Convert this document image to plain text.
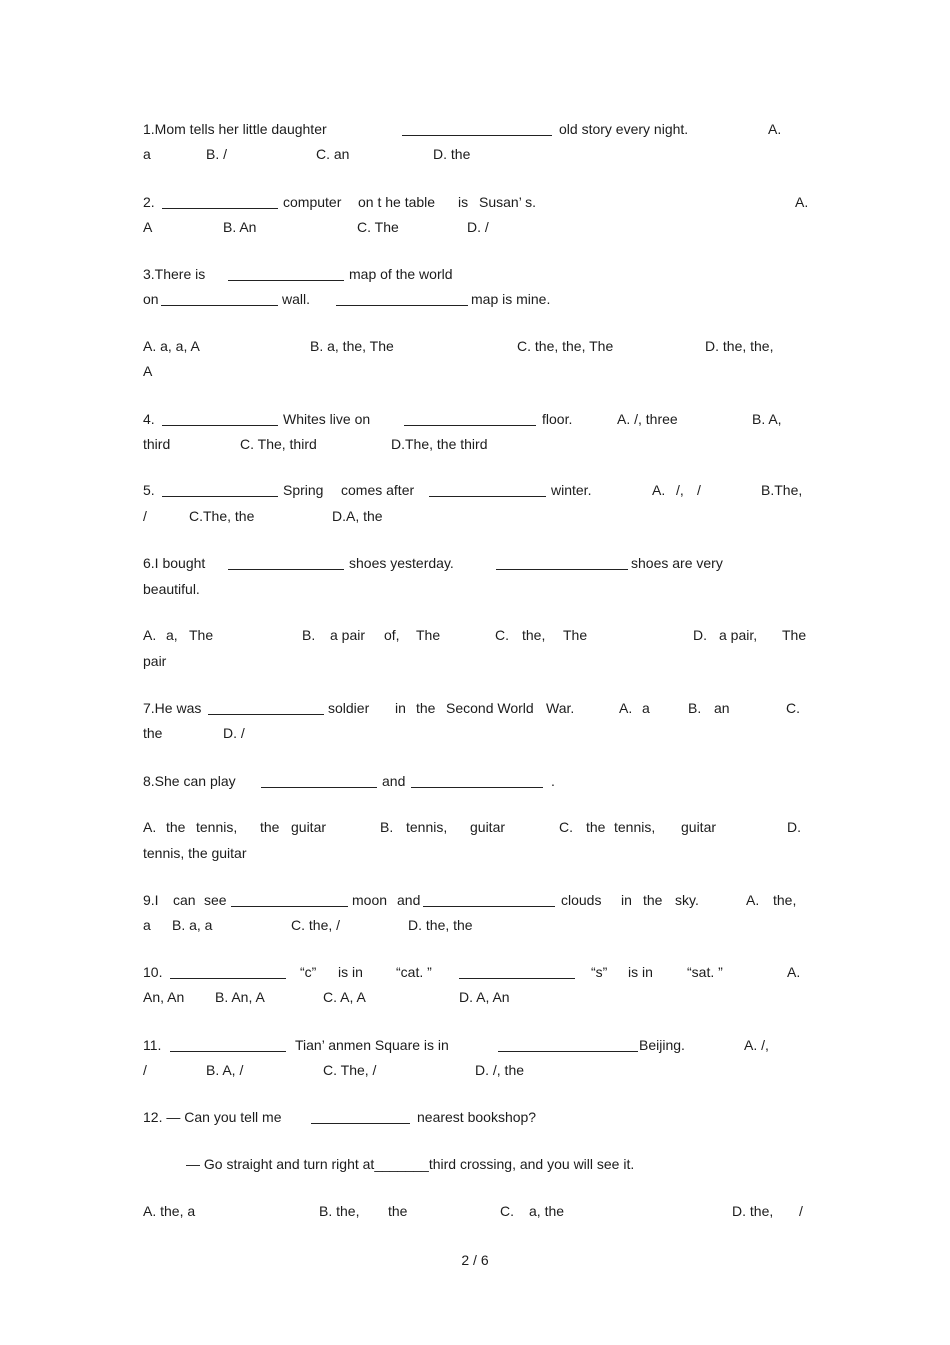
1.Mom tells her little daughter	old story every night.	A.
a	B. /	C. an	D. the
2.	computer on t he table is Susan’ s.	A.
A	B. An	C. The	D. /
3.There is	map of the world
on	wall.	map is mine.
A. a, a, A	B. a, the, The	C. the, the, The	D. the, the,
A
4.	Whites live on	floor.	A. /, three	B. A,
third	C. The, third	D.The, the third
5.	Spring comes after	winter.	A. /, /	B.The,
/	C.The, the	D.A, the
6.I bought	shoes yesterday.	shoes are very
beautiful.
A. a, The	B. a pair of, The	C. the, The	D. a pair, The
pair
7.He was	soldier in the Second World War.	A. a	B. an	C.
the	D. /
8.She can play	and	.
A. the tennis, the guitar	B. tennis, guitar	C. the tennis, guitar	D.
tennis, the guitar
9.I can see	moon and	clouds in the sky.	A. the,
a B. a, a	C. the, /	D. the, the
10.	“c” is in “cat. ”	“s” is in “sat. ”	A.
An, An B. An, A	C. A, A	D. A, An
11.	Tian’ anmen Square is in	Beijing.	A. /,
/	B. A, /	C. The, /	D. /, the
12. — Can you tell me	nearest bookshop?
— Go straight and turn right at_______third crossing, and you will see it.
A. the, a	B. the, the	C. a, the	D. the, /
2 / 6
